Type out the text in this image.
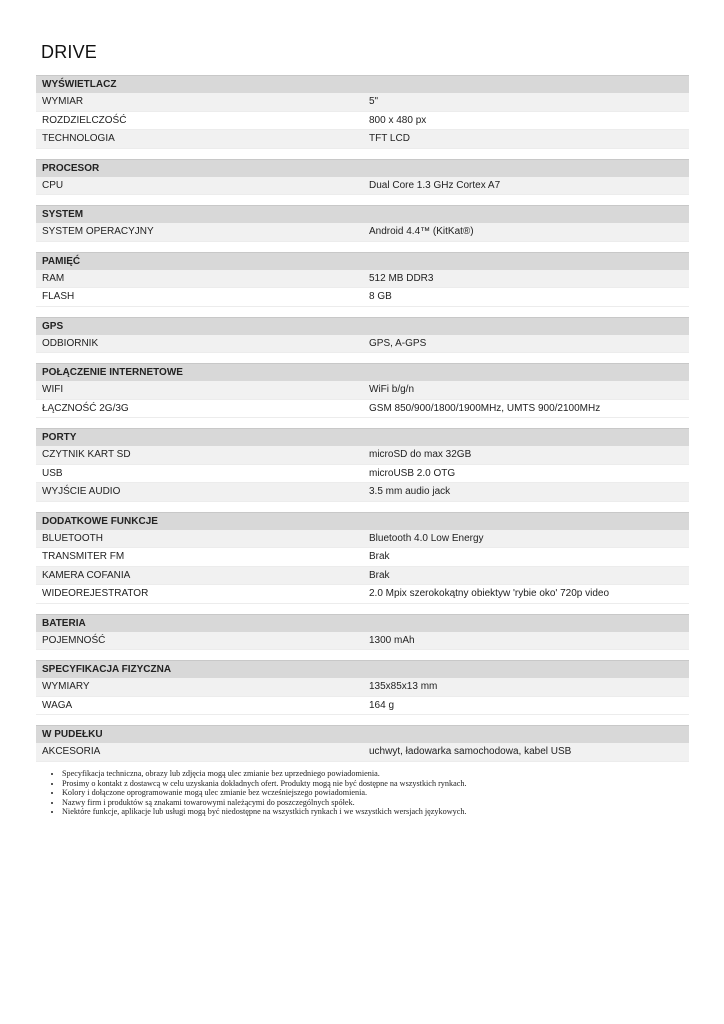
DRIVE
WYŚWIETLACZ
WYMIAR	5"
ROZDZIELCZOŚĆ	800 x 480 px
TECHNOLOGIA	TFT LCD
PROCESOR
CPU	Dual Core 1.3 GHz Cortex A7
SYSTEM
SYSTEM OPERACYJNY	Android 4.4™ (KitKat®)
PAMIĘĆ
RAM	512 MB DDR3
FLASH	8 GB
GPS
ODBIORNIK	GPS, A-GPS
POŁĄCZENIE INTERNETOWE
WIFI	WiFi b/g/n
ŁĄCZNOŚĆ 2G/3G	GSM 850/900/1800/1900MHz, UMTS 900/2100MHz
PORTY
CZYTNIK KART SD	microSD do max 32GB
USB	microUSB 2.0 OTG
WYJŚCIE AUDIO	3.5 mm audio jack
DODATKOWE FUNKCJE
BLUETOOTH	Bluetooth 4.0 Low Energy
TRANSMITER FM	Brak
KAMERA COFANIA	Brak
WIDEOREJESTRATOR	2.0 Mpix szerokokątny obiektyw 'rybie oko' 720p video
BATERIA
POJEMNOŚĆ	1300 mAh
SPECYFIKACJA FIZYCZNA
WYMIARY	135x85x13 mm
WAGA	164 g
W PUDEŁKU
AKCESORIA	uchwyt, ładowarka samochodowa, kabel USB
• Specyfikacja techniczna, obrazy lub zdjęcia mogą ulec zmianie bez uprzedniego powiadomienia.
• Prosimy o kontakt z dostawcą w celu uzyskania dokładnych ofert. Produkty mogą nie być dostępne na wszystkich rynkach.
• Kolory i dołączone oprogramowanie mogą ulec zmianie bez wcześniejszego powiadomienia.
• Nazwy firm i produktów są znakami towarowymi należącymi do poszczególnych spółek.
• Niektóre funkcje, aplikacje lub usługi mogą być niedostępne na wszystkich rynkach i we wszystkich wersjach językowych.
